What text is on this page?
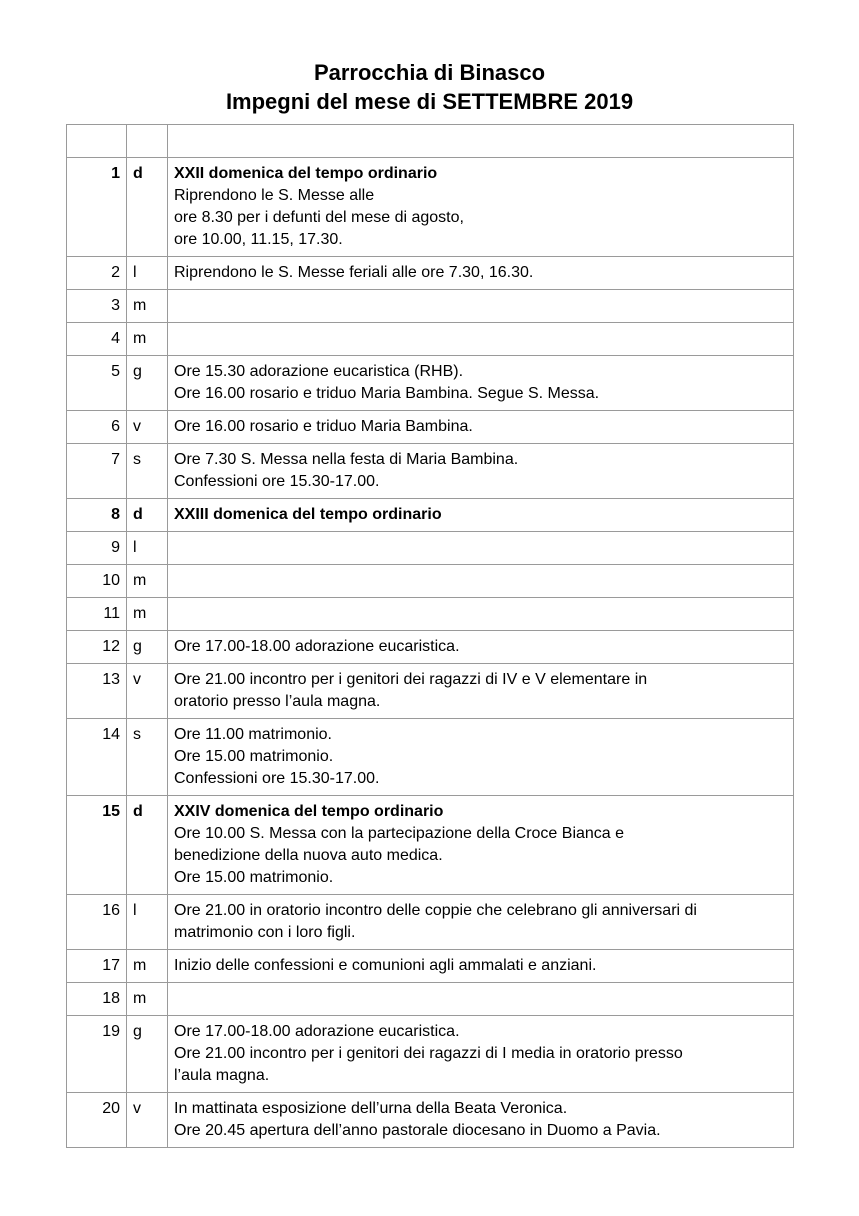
Parrocchia di Binasco
Impegni del mese di SETTEMBRE 2019

1	d	XXII domenica del tempo ordinario
Riprendono le S. Messe alle
ore 8.30 per i defunti del mese di agosto,
ore 10.00, 11.15, 17.30.

2	l	Riprendono le S. Messe feriali alle ore 7.30, 16.30.

3	m	
4	m	
5	g	Ore 15.30 adorazione eucaristica (RHB).
Ore 16.00 rosario e triduo Maria Bambina. Segue S. Messa.

6	v	Ore 16.00 rosario e triduo Maria Bambina.

7	s	Ore 7.30 S. Messa nella festa di Maria Bambina.
Confessioni ore 15.30-17.00.

8	d	XXIII domenica del tempo ordinario

9	l	
10	m	
11	m	
12	g	Ore 17.00-18.00 adorazione eucaristica.

13	v	Ore 21.00 incontro per i genitori dei ragazzi di IV e V elementare in
oratorio presso l’aula magna.

14	s	Ore 11.00 matrimonio.
Ore 15.00 matrimonio.
Confessioni ore 15.30-17.00.

15	d	XXIV domenica del tempo ordinario
Ore 10.00 S. Messa con la partecipazione della Croce Bianca e
benedizione della nuova auto medica.
Ore 15.00 matrimonio.

16	l	Ore 21.00 in oratorio incontro delle coppie che celebrano gli anniversari di
matrimonio con i loro figli.

17	m	Inizio delle confessioni e comunioni agli ammalati e anziani.

18	m	
19	g	Ore 17.00-18.00 adorazione eucaristica.
Ore 21.00 incontro per i genitori dei ragazzi di I media in oratorio presso
l’aula magna.

20	v	In mattinata esposizione dell’urna della Beata Veronica.
Ore 20.45 apertura dell’anno pastorale diocesano in Duomo a Pavia.
